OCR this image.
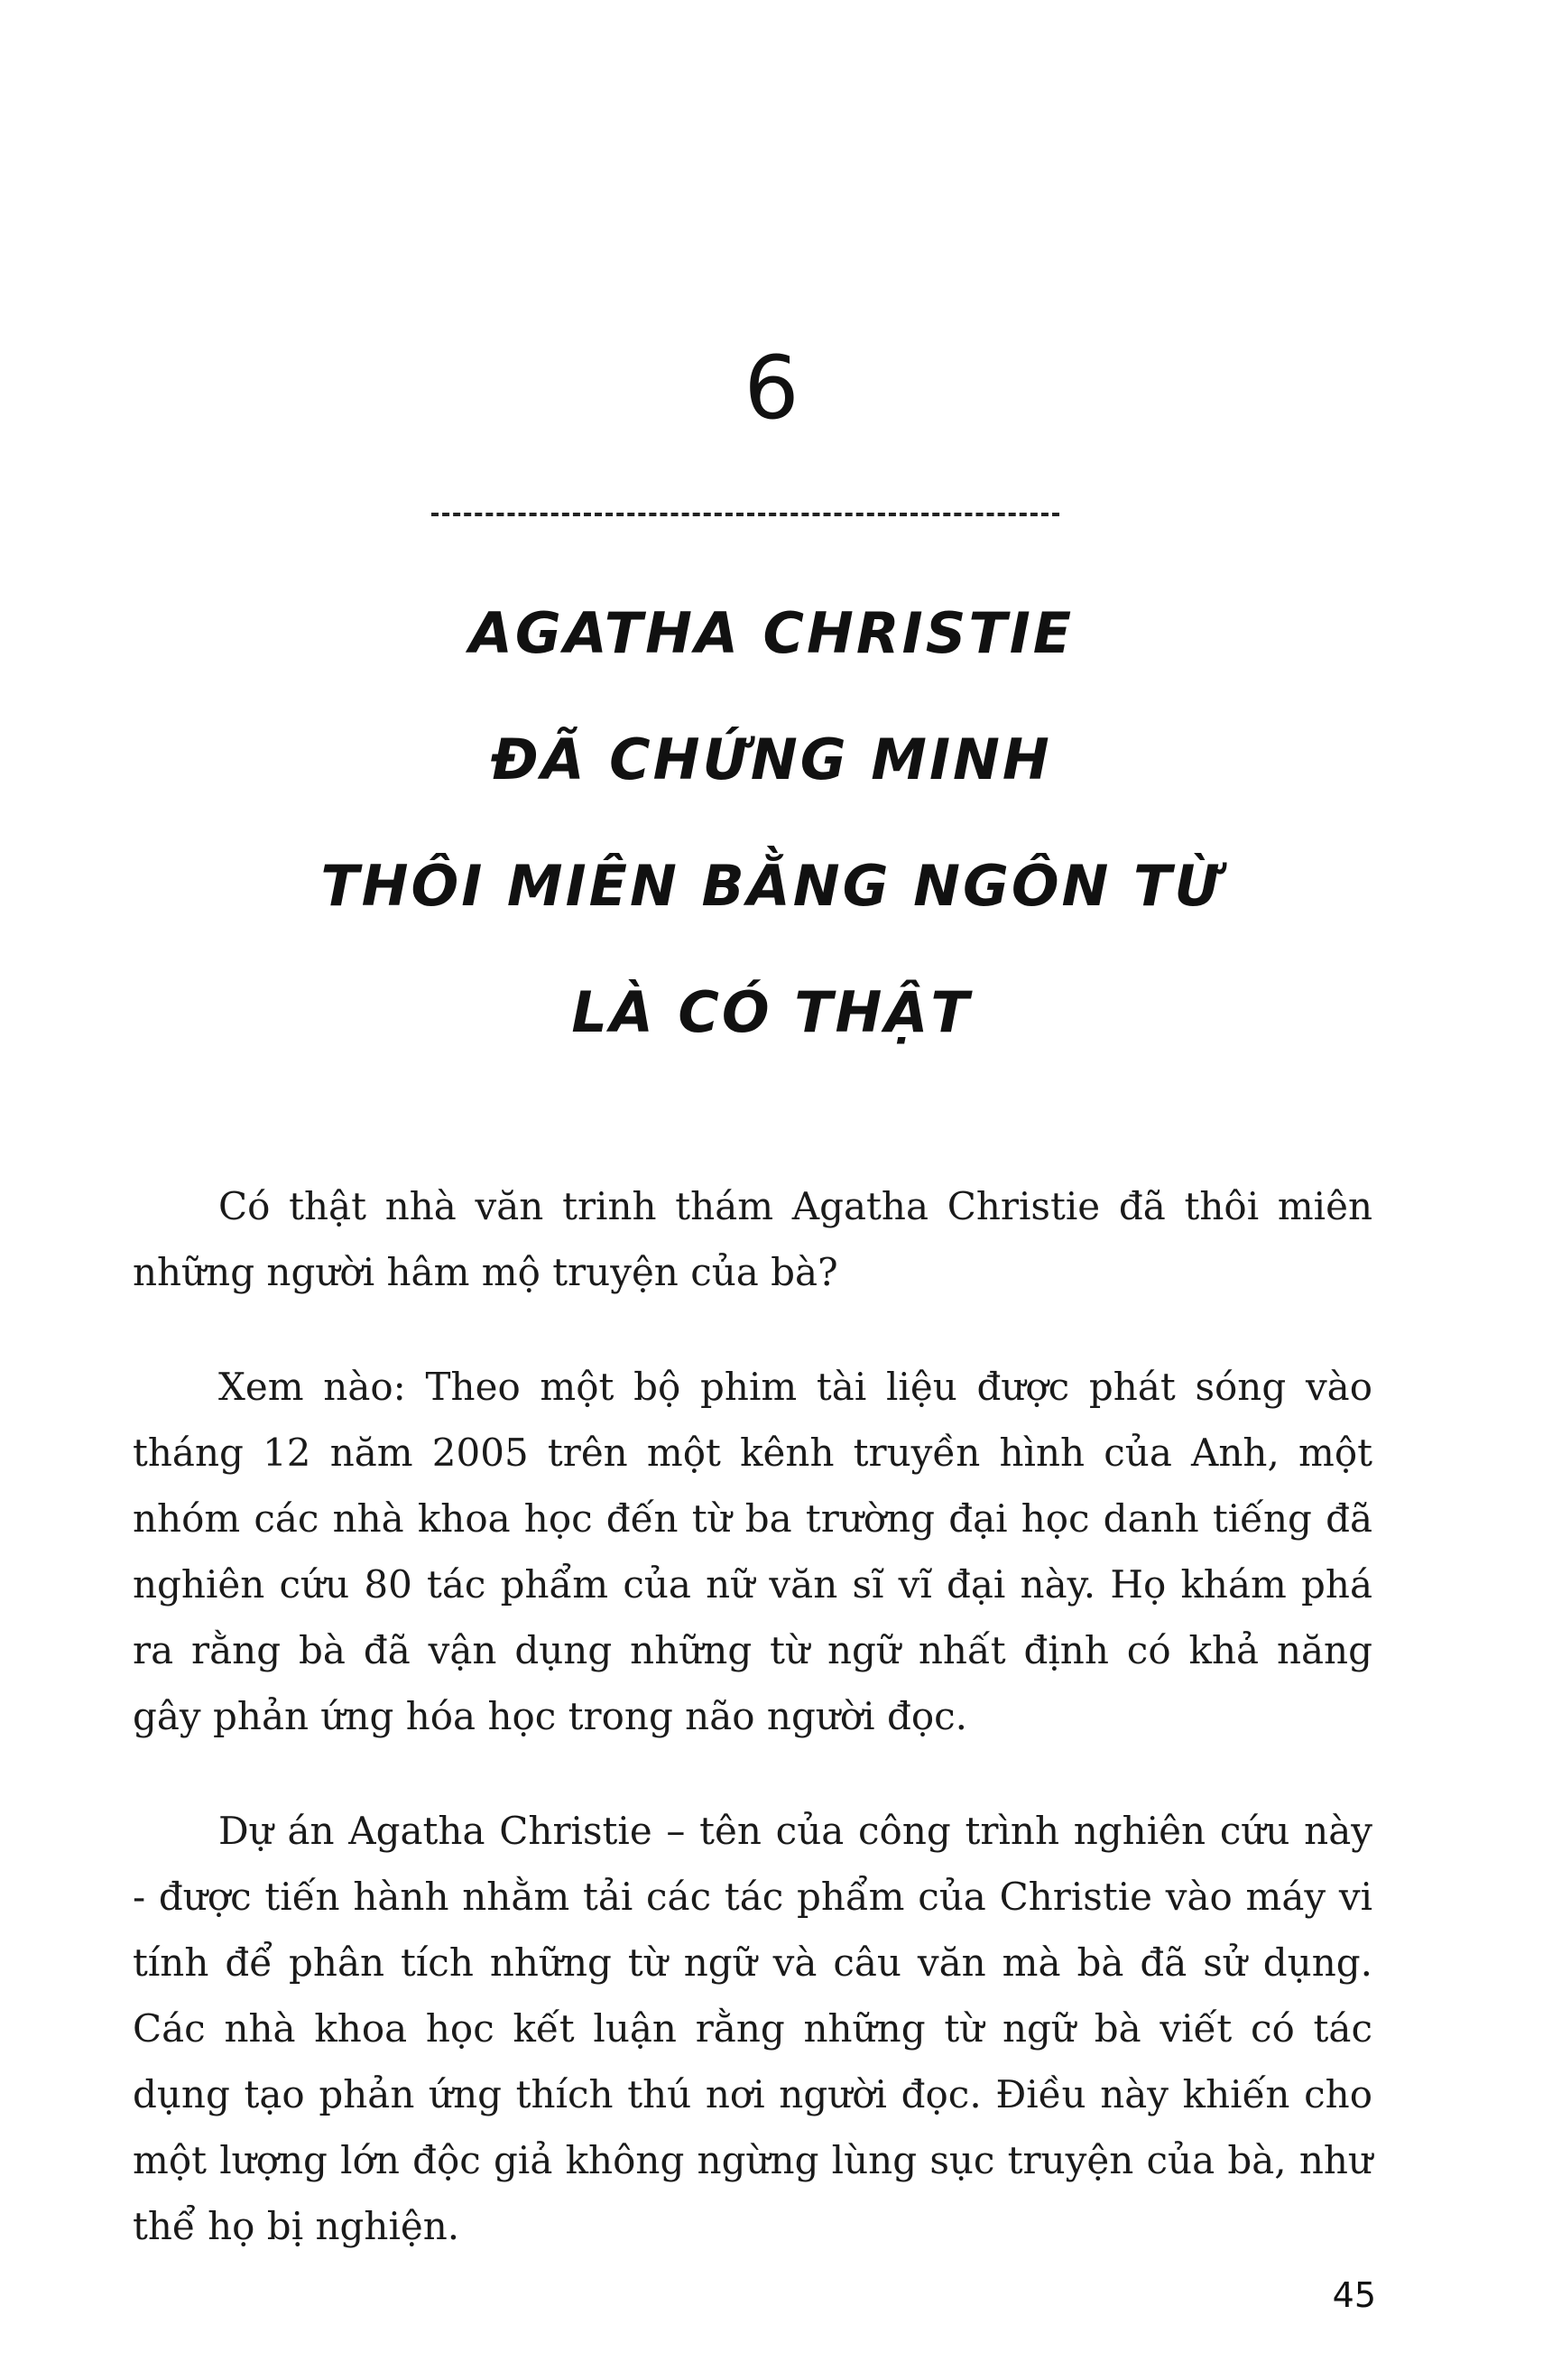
6
AGATHA CHRISTIE
ĐÃ CHỨNG MINH
THÔI MIÊN BẰNG NGÔN TỪ
LÀ CÓ THẬT

Có thật nhà văn trinh thám Agatha Christie đã thôi miên những người hâm mộ truyện của bà?

Xem nào: Theo một bộ phim tài liệu được phát sóng vào tháng 12 năm 2005 trên một kênh truyền hình của Anh, một nhóm các nhà khoa học đến từ ba trường đại học danh tiếng đã nghiên cứu 80 tác phẩm của nữ văn sĩ vĩ đại này. Họ khám phá ra rằng bà đã vận dụng những từ ngữ nhất định có khả năng gây phản ứng hóa học trong não người đọc.

Dự án Agatha Christie – tên của công trình nghiên cứu này - được tiến hành nhằm tải các tác phẩm của Christie vào máy vi tính để phân tích những từ ngữ và câu văn mà bà đã sử dụng. Các nhà khoa học kết luận rằng những từ ngữ bà viết có tác dụng tạo phản ứng thích thú nơi người đọc. Điều này khiến cho một lượng lớn độc giả không ngừng lùng sục truyện của bà, như thể họ bị nghiện.

45
